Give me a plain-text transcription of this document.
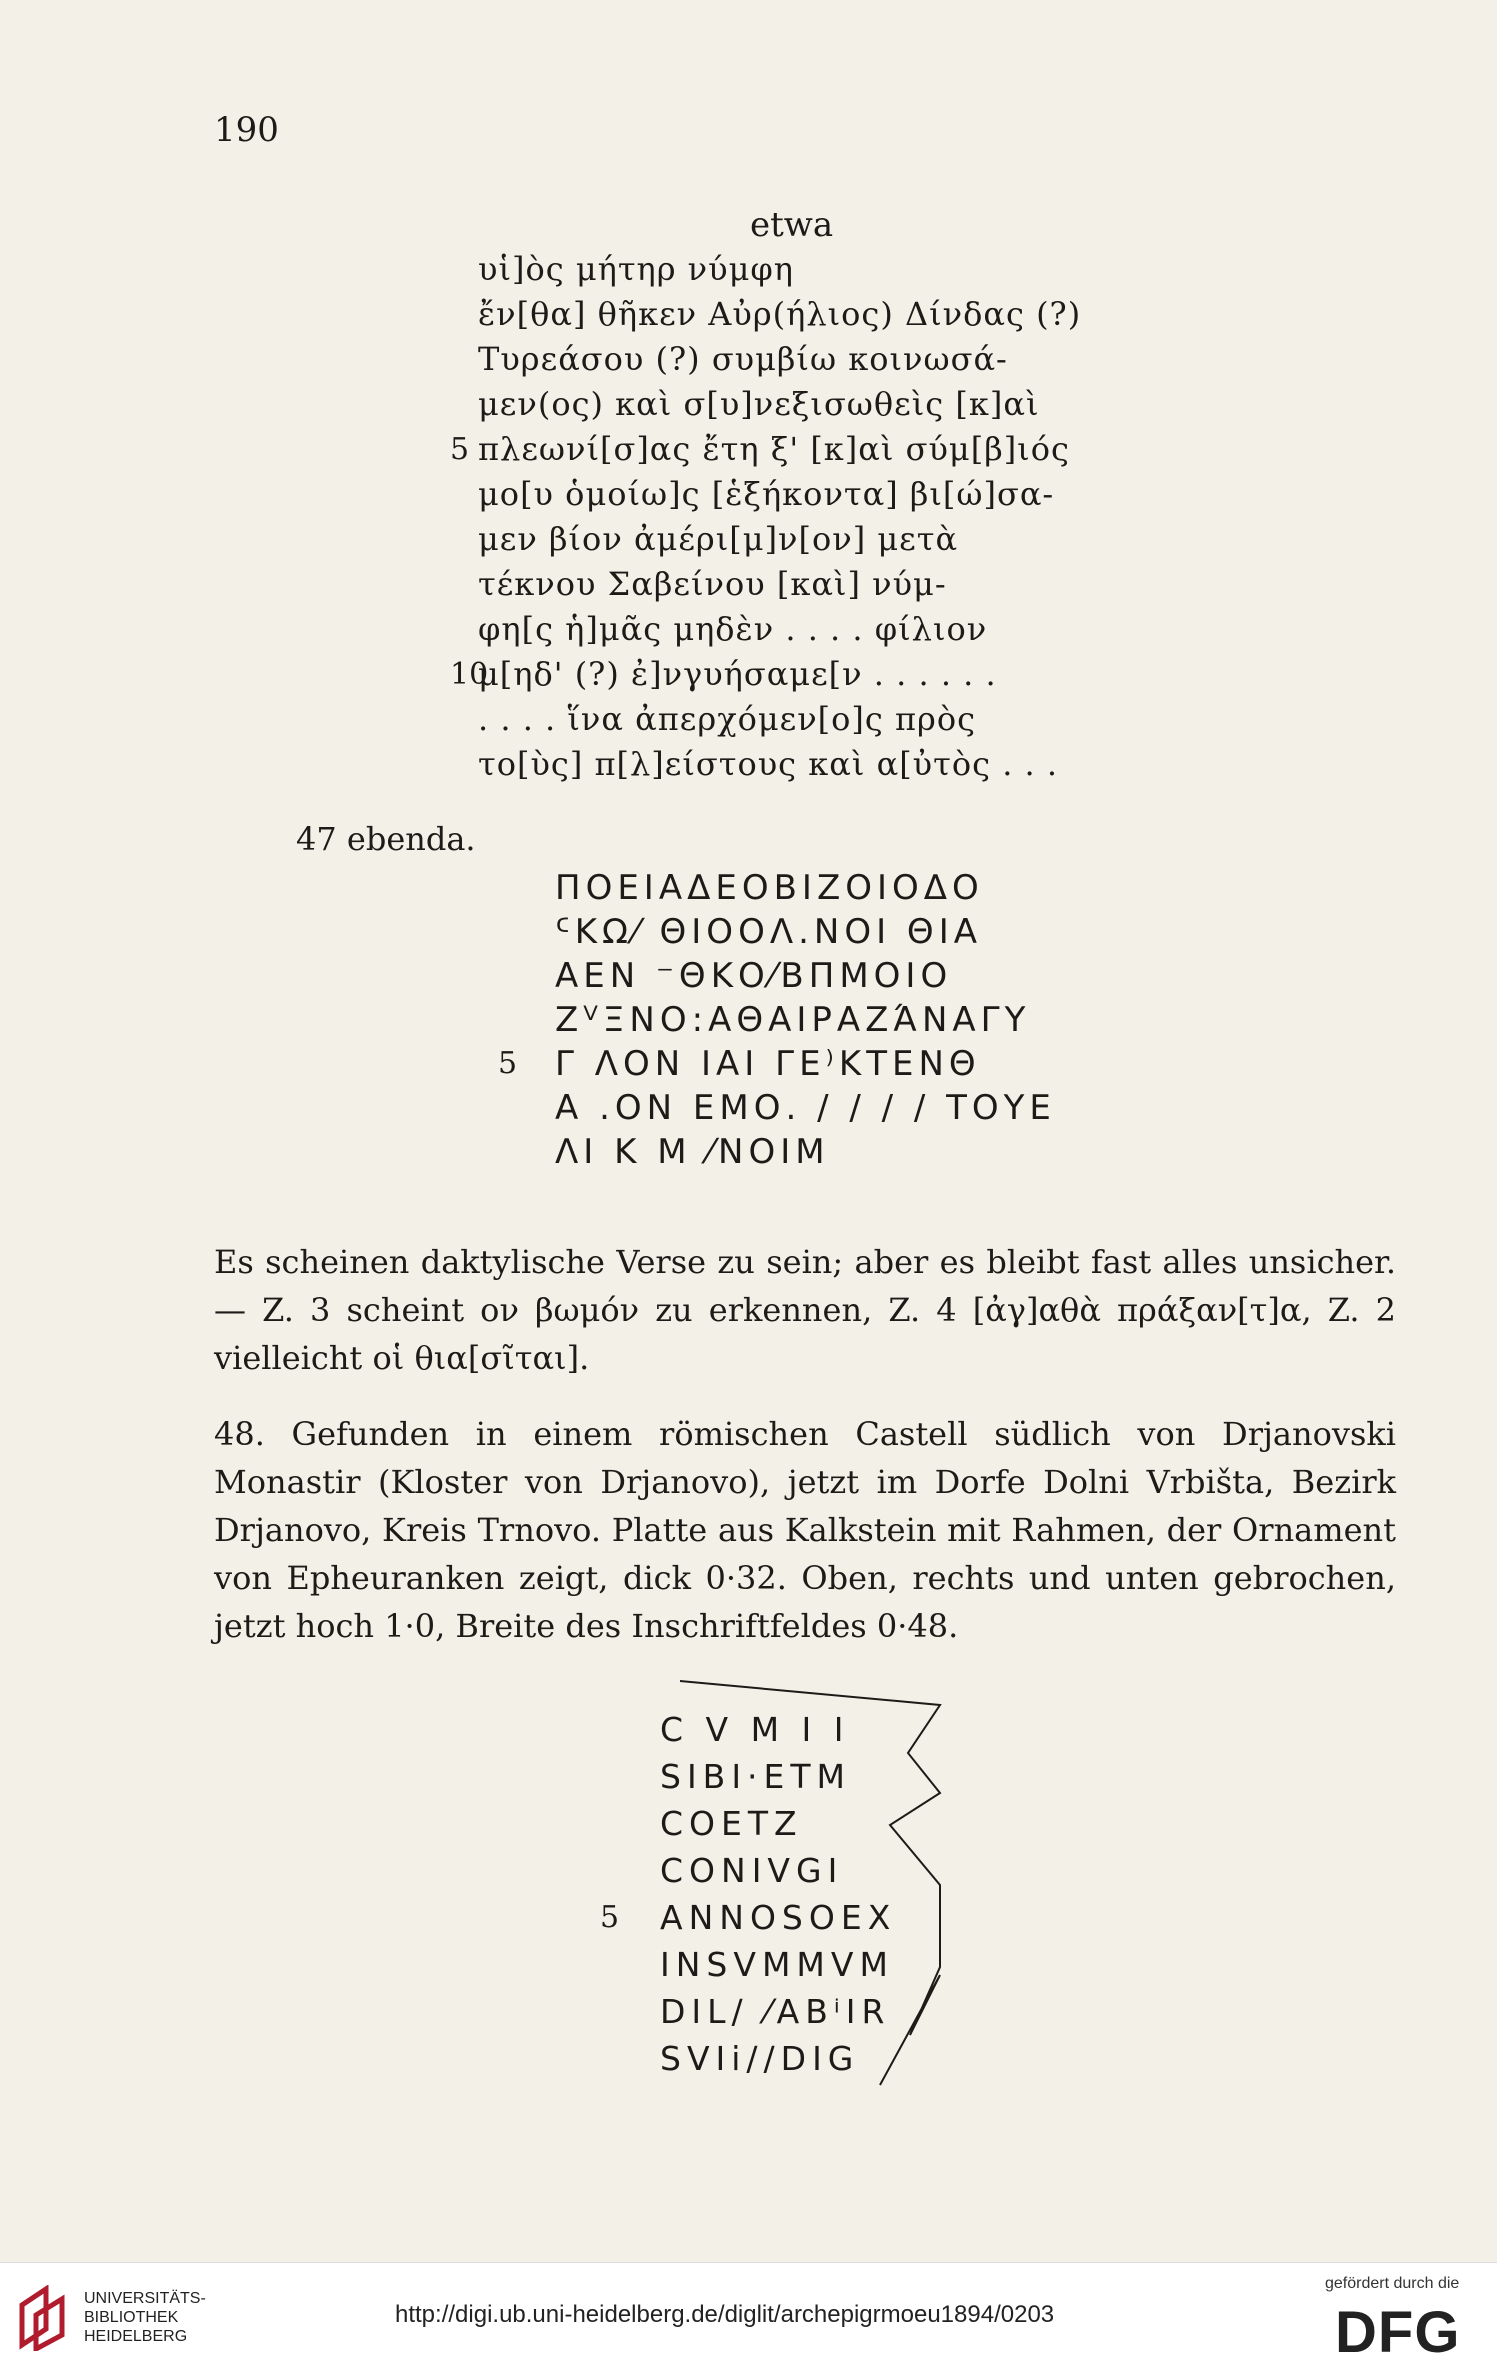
190
etwa
υἱ]ὸς μήτηρ νύμφη
ἔν[θα] θῆκεν Αὐρ(ήλιος) Δίνδας (?)
Τυρεάσου (?) συμβίω κοινωσά-
μεν(ος) καὶ σ[υ]νεξισωθεὶς [κ]αὶ
πλεωνί[σ]ας ἔτη ξ' [κ]αὶ σύμ[β]ιός
5
μο[υ ὁμοίω]ς [ἑξήκοντα] βι[ώ]σα-
μεν βίον ἀμέρι[μ]ν[ον] μετὰ
τέκνου Σαβείνου [καὶ] νύμ-
φη[ς ἡ]μᾶς μηδὲν . . . . φίλιον
μ[ηδ' (?) ἐ]νγυήσαμε[ν . . . . . .
10
. . . . ἵνα ἀπερχόμεν[ο]ς πρὸς
το[ὺς] π[λ]είστους καὶ α[ὐτὸς . . .
47 ebenda.
ΠΟΕΙΑΔΕΟΒΙΖΟΙΟΔΟ
ᑦΚΩ⁄ ΘΙΟΟΛ.ΝΟΙ ΘΙΑ
ΑΕΝ ⁻ΘΚΟ⁄ΒΠΜΟΙΟ
ΖⱽΞΝΟ:ΑΘΑΙΡΑΖΆΝΑΓΥ
Γ ΛΟΝ ΙΑΙ ΓΕ⁾ΚΤΕΝΘ
5
Α .ΟΝ ΕΜΟ. / / / / ΤΟΥΕ
ΛΙ Κ Μ ⁄ΝΟΙΜ
Es scheinen daktylische Verse zu sein; aber es bleibt fast alles unsicher. — Z. 3 scheint ον βωμόν zu erkennen, Z. 4 [ἀγ]αθὰ πράξαν[τ]α, Z. 2 vielleicht οἱ θια[σῖται].
48. Gefunden in einem römischen Castell südlich von Drjanovski Monastir (Kloster von Drjanovo), jetzt im Dorfe Dolni Vrbišta, Bezirk Drjanovo, Kreis Trnovo. Platte aus Kalkstein mit Rahmen, der Ornament von Epheuranken zeigt, dick 0·32. Oben, rechts und unten gebrochen, jetzt hoch 1·0, Breite des Inschriftfeldes 0·48.
C V M I I
SIBI·ETM
COETZ
CONIVGI
ANNOSOEX
5
INSVMMVM
DIL/ ⁄ABⁱIR
SVIi//DIG
UNIVERSITÄTS-
BIBLIOTHEK
HEIDELBERG
http://digi.ub.uni-heidelberg.de/diglit/archepigrmoeu1894/0203
gefördert durch die
DFG
